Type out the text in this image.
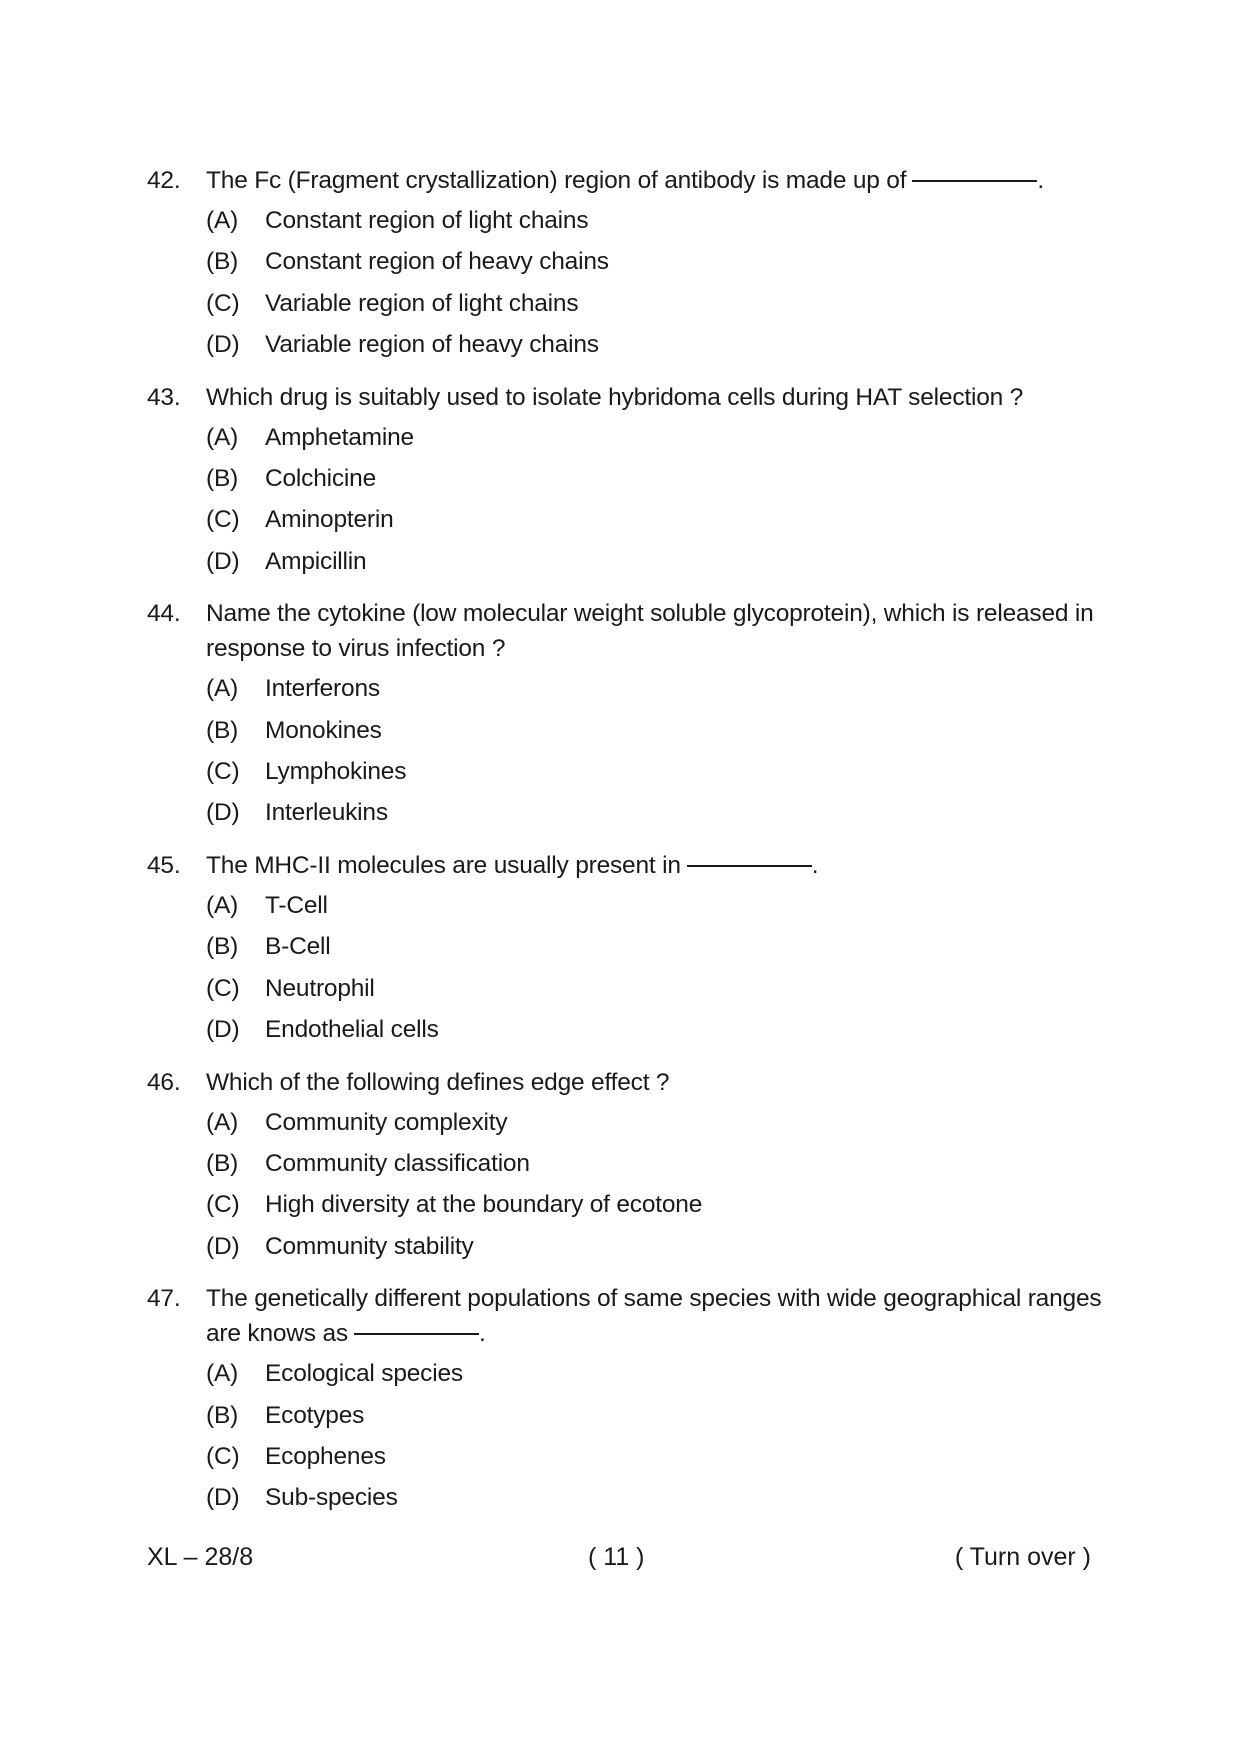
42.	The Fc (Fragment crystallization) region of antibody is made up of	.
(A)	Constant region of light chains
(B)	Constant region of heavy chains
(C)	Variable region of light chains
(D)	Variable region of heavy chains
43.	Which drug is suitably used to isolate hybridoma cells during HAT selection ?
(A)	Amphetamine
(B)	Colchicine
(C)	Aminopterin
(D)	Ampicillin
44.	Name the cytokine (low molecular weight soluble glycoprotein), which is released in response to virus infection ?
(A)	Interferons
(B)	Monokines
(C)	Lymphokines
(D)	Interleukins
45.	The MHC-II molecules are usually present in	.
(A)	T-Cell
(B)	B-Cell
(C)	Neutrophil
(D)	Endothelial cells
46.	Which of the following defines edge effect ?
(A)	Community complexity
(B)	Community classification
(C)	High diversity at the boundary of ecotone
(D)	Community stability
47.	The genetically different populations of same species with wide geographical ranges are knows as	.
(A)	Ecological species
(B)	Ecotypes
(C)	Ecophenes
(D)	Sub-species
XL – 28/8	( 11 )	( Turn over )
